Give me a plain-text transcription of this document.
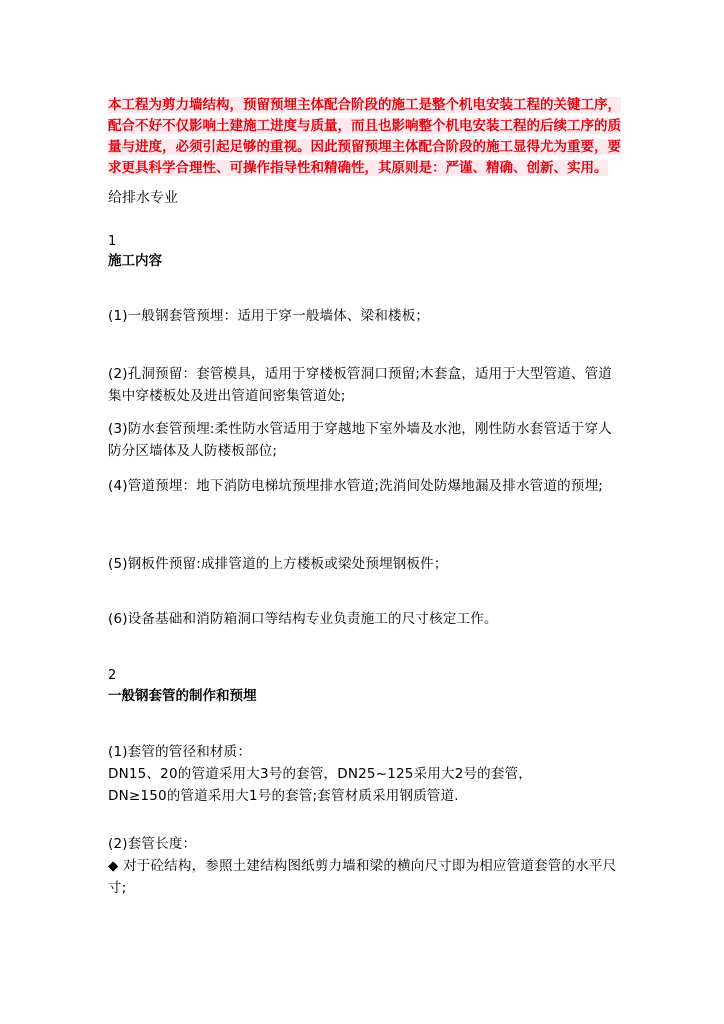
本工程为剪力墙结构，预留预埋主体配合阶段的施工是整个机电安装工程的关键工序，配合不好不仅影响土建施工进度与质量，而且也影响整个机电安装工程的后续工序的质量与进度，必须引起足够的重视。因此预留预埋主体配合阶段的施工显得尤为重要，要求更具科学合理性、可操作指导性和精确性，其原则是：严谨、精确、创新、实用。

给排水专业

1

施工内容

(1)一般钢套管预埋：适用于穿一般墙体、梁和楼板；

(2)孔洞预留：套管模具，适用于穿楼板管洞口预留;木套盒，适用于大型管道、管道集中穿楼板处及进出管道间密集管道处;

(3)防水套管预埋:柔性防水管适用于穿越地下室外墙及水池，刚性防水套管适于穿人防分区墙体及人防楼板部位;

(4)管道预埋：地下消防电梯坑预埋排水管道;洗消间处防爆地漏及排水管道的预埋;

(5)钢板件预留:成排管道的上方楼板或梁处预埋钢板件；

(6)设备基础和消防箱洞口等结构专业负责施工的尺寸核定工作。

2

一般钢套管的制作和预埋

(1)套管的管径和材质：

DN15、20的管道采用大3号的套管，DN25~125采用大2号的套管，

DN≥150的管道采用大1号的套管;套管材质采用钢质管道.

(2)套管长度：

◆ 对于砼结构，参照土建结构图纸剪力墙和梁的横向尺寸即为相应管道套管的水平尺寸;
